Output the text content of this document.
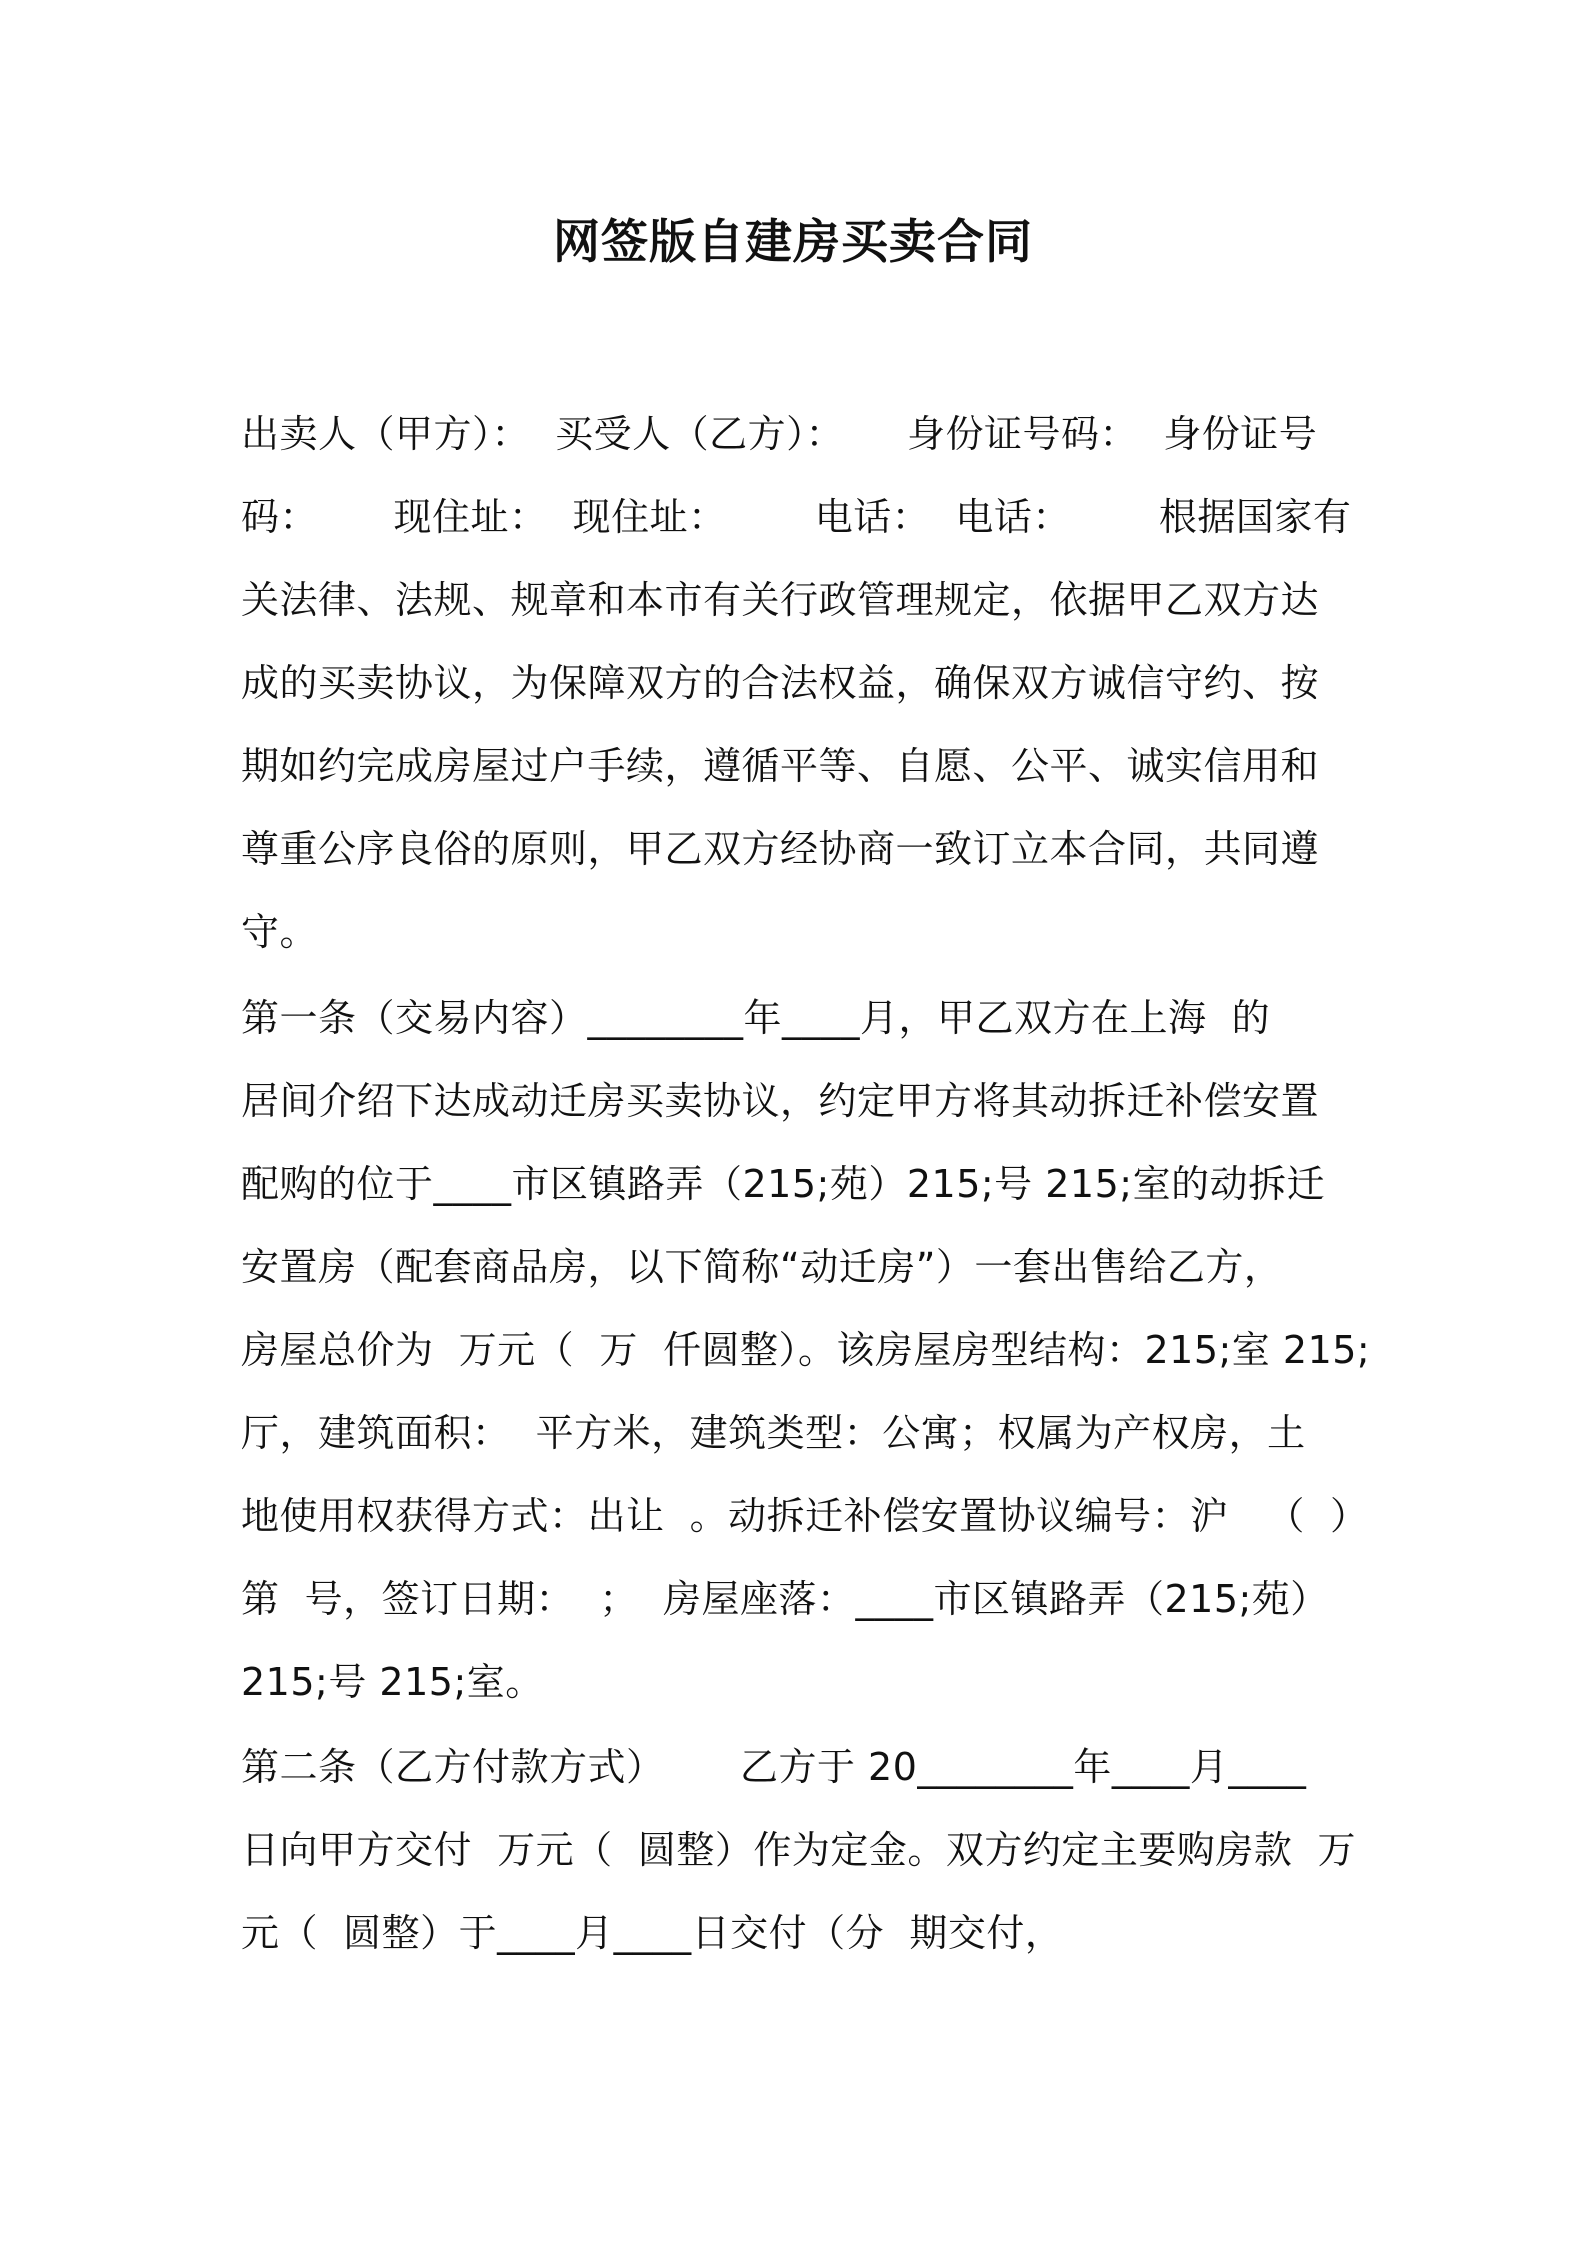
网签版自建房买卖合同
出卖人（甲方）：  买受人（乙方）：     身份证号码：  身份证号
码：      现住址：  现住址：       电话：  电话：       根据国家有
关法律、法规、规章和本市有关行政管理规定，依据甲乙双方达
成的买卖协议，为保障双方的合法权益，确保双方诚信守约、按
期如约完成房屋过户手续，遵循平等、自愿、公平、诚实信用和
尊重公序良俗的原则，甲乙双方经协商一致订立本合同，共同遵
守。
第一条（交易内容）________年____月，甲乙双方在上海  的
居间介绍下达成动迁房买卖协议，约定甲方将其动拆迁补偿安置
配购的位于____市区镇路弄（215;苑）215;号 215;室的动拆迁
安置房（配套商品房，以下简称“动迁房”）一套出售给乙方，
房屋总价为  万元（  万  仟圆整）。该房屋房型结构：215;室 215;
厅，建筑面积：  平方米，建筑类型：公寓；权属为产权房，土
地使用权获得方式：出让  。动拆迁补偿安置协议编号：沪   （  ）
第  号，签订日期：  ；  房屋座落：____市区镇路弄（215;苑）
215;号 215;室。
第二条（乙方付款方式）      乙方于 20________年____月____
日向甲方交付  万元（  圆整）作为定金。双方约定主要购房款  万
元（  圆整）于____月____日交付（分  期交付，
